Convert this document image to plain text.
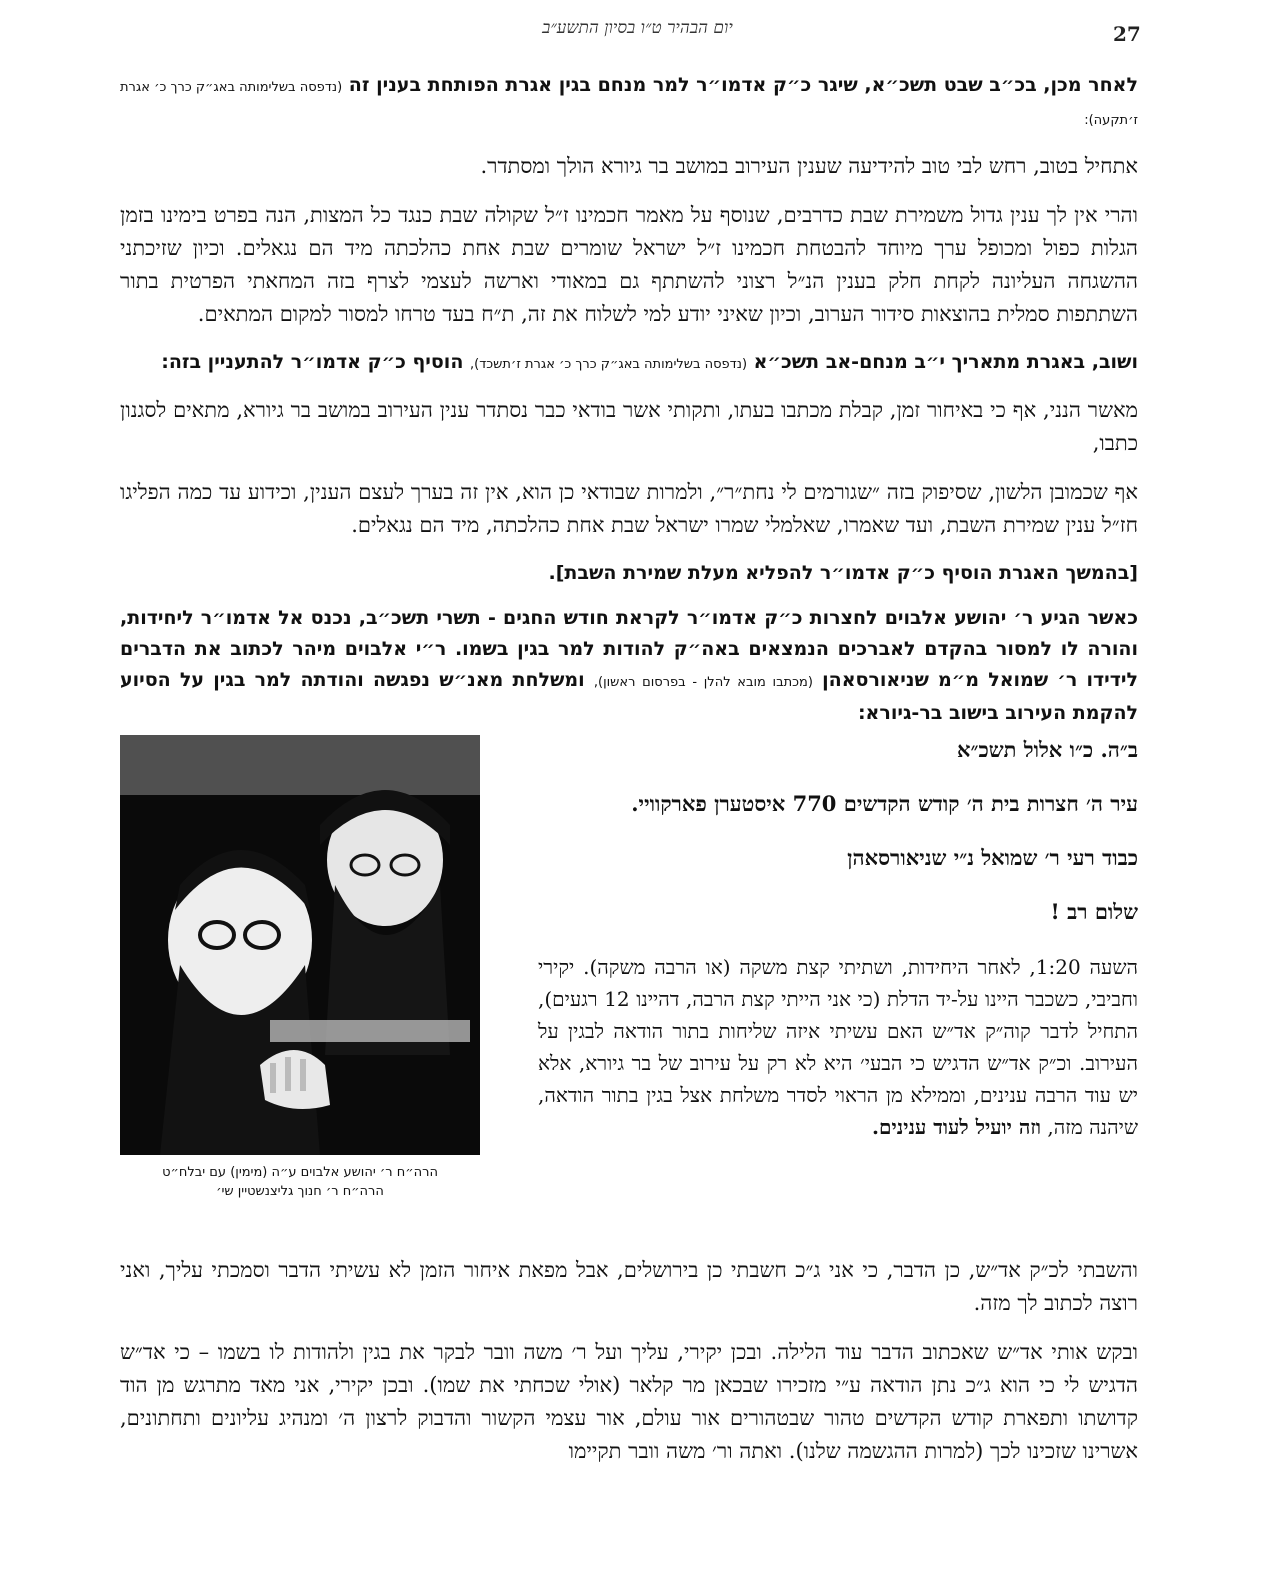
יום הבהיר ט״ו בסיון התשע״ב	27

לאחר מכן, בכ״ב שבט תשכ״א, שיגר כ״ק אדמו״ר למר מנחם בגין אגרת הפותחת בענין זה (נדפסה בשלימותה באג״ק כרך כ׳ אגרת ז׳תקעה):

אתחיל בטוב, רחש לבי טוב להידיעה שענין העירוב במושב בר גיורא הולך ומסתדר.

והרי אין לך ענין גדול משמירת שבת כדרבים, שנוסף על מאמר חכמינו ז״ל שקולה שבת כנגד כל המצות, הנה בפרט בימינו בזמן הגלות כפול ומכופל ערך מיוחד להבטחת חכמינו ז״ל ישראל שומרים שבת אחת כהלכתה מיד הם נגאלים. וכיון שזיכתני ההשגחה העליונה לקחת חלק בענין הנ״ל רצוני להשתתף גם במאודי וארשה לעצמי לצרף בזה המחאתי הפרטית בתור השתתפות סמלית בהוצאות סידור הערוב, וכיון שאיני יודע למי לשלוח את זה, ת״ח בעד טרחו למסור למקום המתאים.

ושוב, באגרת מתאריך י״ב מנחם-אב תשכ״א (נדפסה בשלימותה באג״ק כרך כ׳ אגרת ז׳תשכד), הוסיף כ״ק אדמו״ר להתעניין בזה:

מאשר הנני, אף כי באיחור זמן, קבלת מכתבו בעתו, ותקותי אשר בודאי כבר נסתדר ענין העירוב במושב בר גיורא, מתאים לסגנון כתבו,

אף שכמובן הלשון, שסיפוק בזה ״שגורמים לי נחת״ר״, ולמרות שבודאי כן הוא, אין זה בערך לעצם הענין, וכידוע עד כמה הפליגו חז״ל ענין שמירת השבת, ועד שאמרו, שאלמלי שמרו ישראל שבת אחת כהלכתה, מיד הם נגאלים.

[בהמשך האגרת הוסיף כ״ק אדמו״ר להפליא מעלת שמירת השבת].

כאשר הגיע ר׳ יהושע אלבוים לחצרות כ״ק אדמו״ר לקראת חודש החגים - תשרי תשכ״ב, נכנס אל אדמו״ר ליחידות, והורה לו למסור בהקדם לאברכים הנמצאים באה״ק להודות למר בגין בשמו. ר״י אלבוים מיהר לכתוב את הדברים לידידו ר׳ שמואל מ״מ שניאורסאהן (מכתבו מובא להלן - בפרסום ראשון), ומשלחת מאנ״ש נפגשה והודתה למר בגין על הסיוע להקמת העירוב בישוב בר-גיורא:

הרה״ח ר׳ יהושע אלבוים ע״ה (מימין) עם יבלח״ט
הרה״ח ר׳ חנוך גליצנשטיין שי׳

ב״ה. כ״ו אלול תשכ״א

עיר ה׳ חצרות בית ה׳ קודש הקדשים 770 איסטערן פארקוויי.

כבוד רעי ר׳ שמואל נ״י שניאורסאהן

שלום רב !

השעה 1:20, לאחר היחידות, ושתיתי קצת משקה (או הרבה משקה). יקירי וחביבי, כשכבר היינו על-יד הדלת (כי אני הייתי קצת הרבה, דהיינו 12 רגעים), התחיל לדבר קוה״ק אד״ש האם עשיתי איזה שליחות בתור הודאה לבגין על העירוב. וכ״ק אד״ש הדגיש כי הבעי׳ היא לא רק על עירוב של בר גיורא, אלא יש עוד הרבה ענינים, וממילא מן הראוי לסדר משלחת אצל בגין בתור הודאה, שיהנה מזה, וזה יועיל לעוד ענינים.

והשבתי לכ״ק אד״ש, כן הדבר, כי אני ג״כ חשבתי כן בירושלים, אבל מפאת איחור הזמן לא עשיתי הדבר וסמכתי עליך, ואני רוצה לכתוב לך מזה.

ובקש אותי אד״ש שאכתוב הדבר עוד הלילה. ובכן יקירי, עליך ועל ר׳ משה וובר לבקר את בגין ולהודות לו בשמו – כי אד״ש הדגיש לי כי הוא ג״כ נתן הודאה ע״י מזכירו שבכאן מר קלאר (אולי שכחתי את שמו). ובכן יקירי, אני מאד מתרגש מן הוד קדושתו ותפארת קודש הקדשים טהור שבטהורים אור עולם, אור עצמי הקשור והדבוק לרצון ה׳ ומנהיג עליונים ותחתונים, אשרינו שזכינו לכך (למרות ההגשמה שלנו). ואתה ור׳ משה וובר תקיימו
